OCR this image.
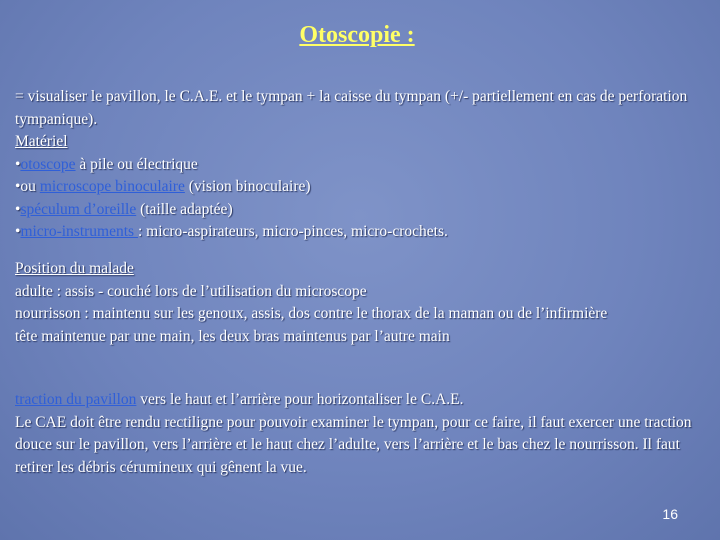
Otoscopie :
= visualiser le pavillon, le C.A.E. et le tympan + la caisse du tympan (+/- partiellement en cas de perforation tympanique).
Matériel
•otoscope à pile ou électrique
•ou microscope binoculaire (vision binoculaire)
•spéculum d’oreille (taille adaptée)
•micro-instruments : micro-aspirateurs, micro-pinces, micro-crochets.
Position du malade
adulte : assis - couché lors de l’utilisation du microscope
nourrisson : maintenu sur les genoux, assis, dos contre le thorax de la maman ou de l’infirmière
tête maintenue par une main, les deux bras maintenus par l’autre main
traction du pavillon vers le haut et l’arrière pour horizontaliser le C.A.E.
Le CAE doit être rendu rectiligne pour pouvoir examiner le tympan, pour ce faire, il faut exercer une traction douce sur le pavillon, vers l’arrière et le haut chez l’adulte, vers l’arrière et le bas chez le nourrisson. Il faut retirer les débris cérumineux qui gênent la vue.
16
